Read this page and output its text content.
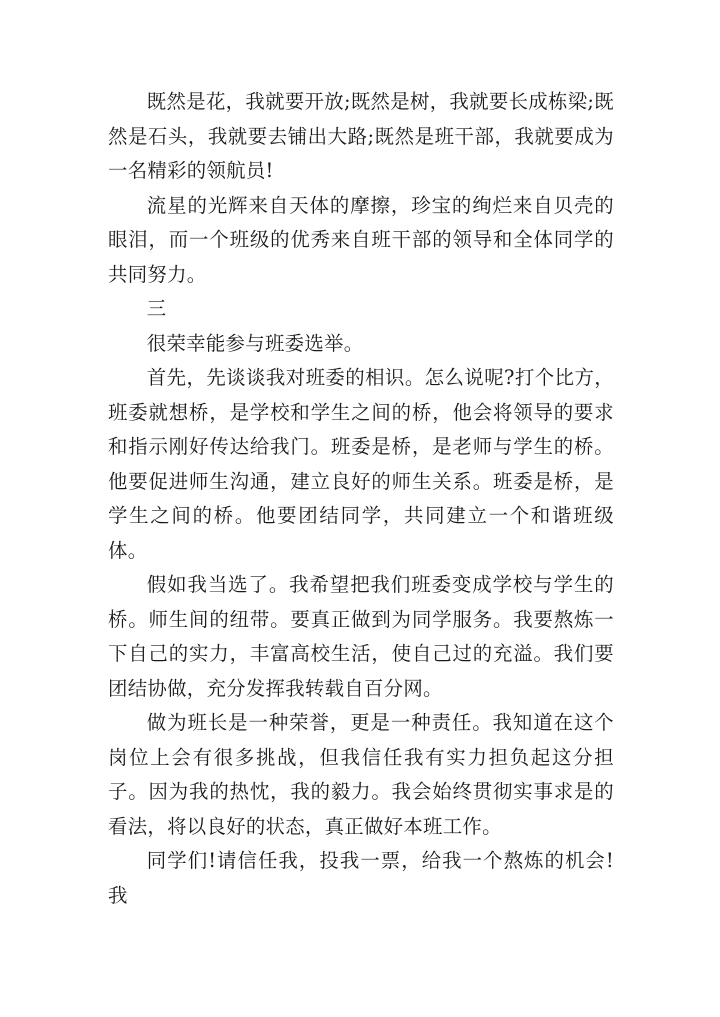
既然是花，我就要开放;既然是树，我就要长成栋梁;既然是石头，我就要去铺出大路;既然是班干部，我就要成为一名精彩的领航员!

流星的光辉来自天体的摩擦，珍宝的绚烂来自贝壳的眼泪，而一个班级的优秀来自班干部的领导和全体同学的共同努力。

三

很荣幸能参与班委选举。

首先，先谈谈我对班委的相识。怎么说呢?打个比方，班委就想桥，是学校和学生之间的桥，他会将领导的要求和指示刚好传达给我门。班委是桥，是老师与学生的桥。他要促进师生沟通，建立良好的师生关系。班委是桥，是学生之间的桥。他要团结同学，共同建立一个和谐班级体。

假如我当选了。我希望把我们班委变成学校与学生的桥。师生间的纽带。要真正做到为同学服务。我要熬炼一下自己的实力，丰富高校生活，使自己过的充溢。我们要团结协做，充分发挥我转载自百分网。

做为班长是一种荣誉，更是一种责任。我知道在这个岗位上会有很多挑战，但我信任我有实力担负起这分担子。因为我的热忱，我的毅力。我会始终贯彻实事求是的看法，将以良好的状态，真正做好本班工作。

同学们!请信任我，投我一票，给我一个熬炼的机会!我
